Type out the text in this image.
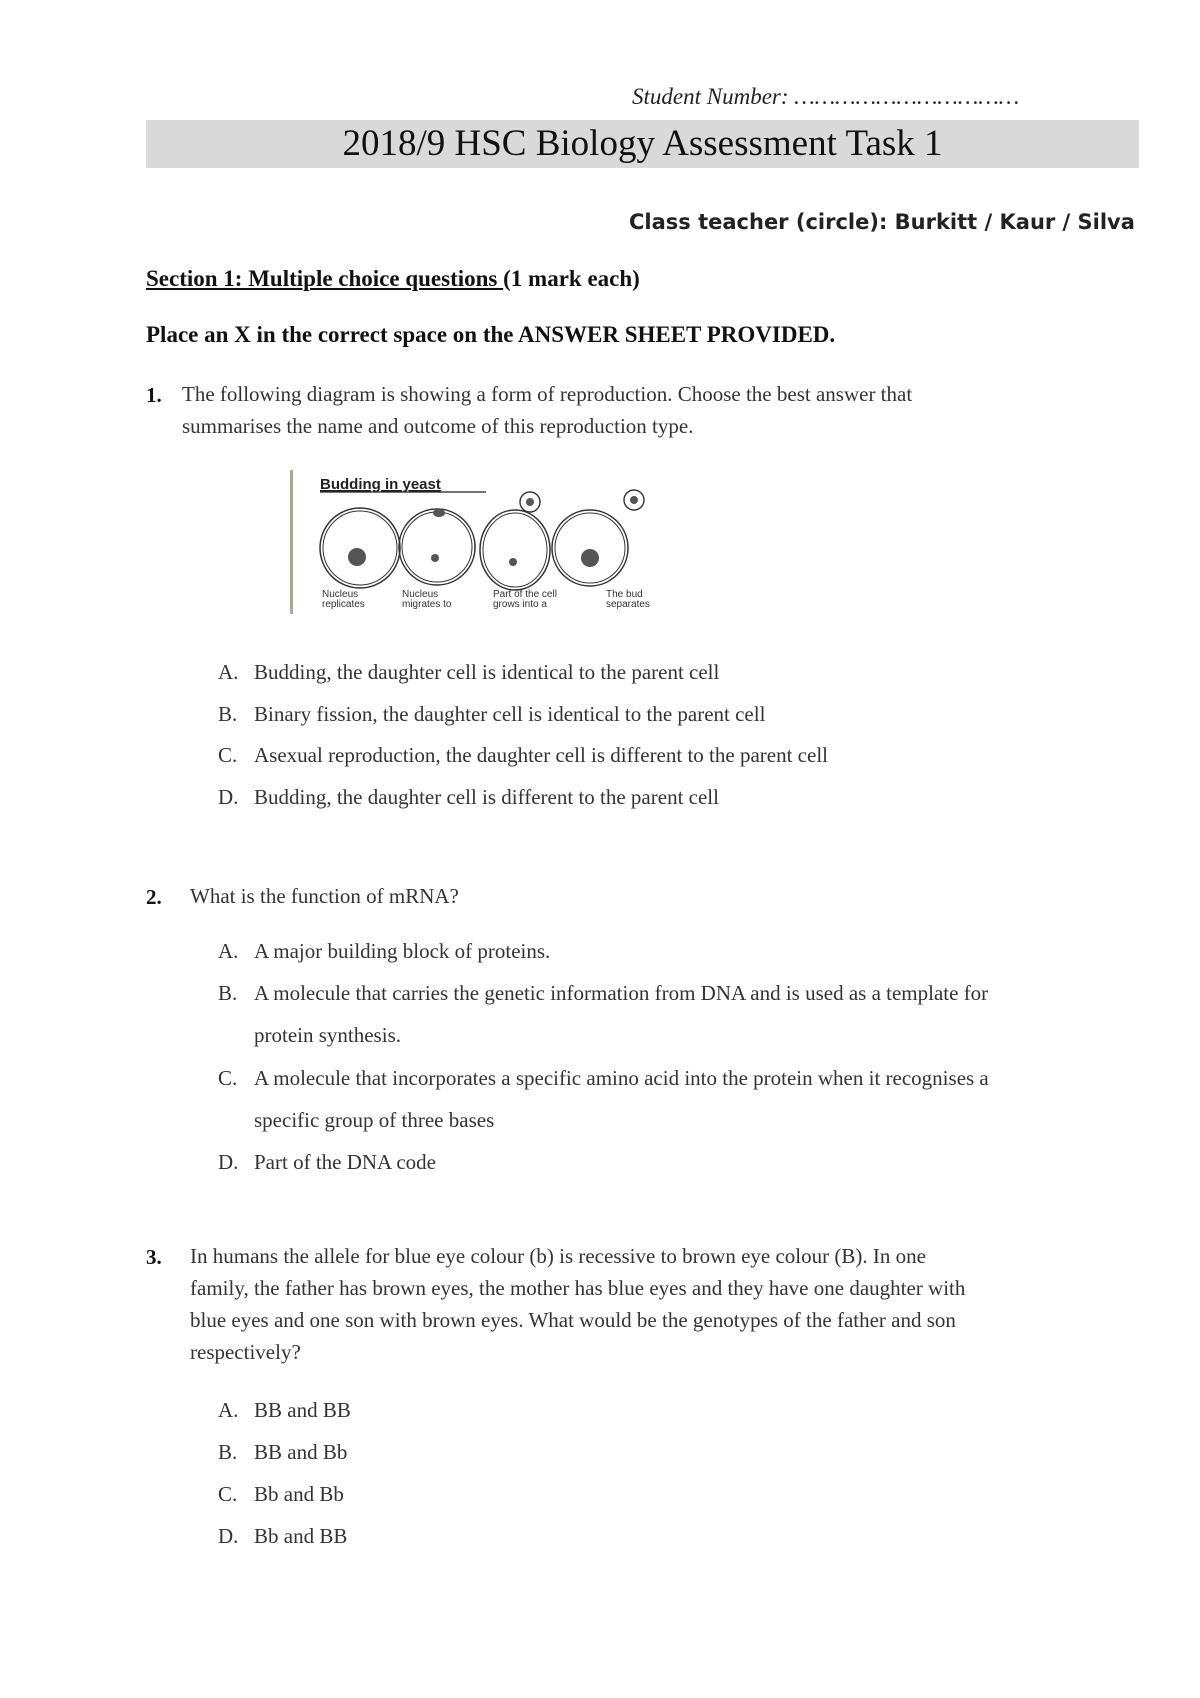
Student Number: ……………………………
2018/9 HSC Biology Assessment Task 1
Class teacher (circle): Burkitt / Kaur / Silva
Section 1: Multiple choice questions (1 mark each)
Place an X in the correct space on the ANSWER SHEET PROVIDED.
1. The following diagram is showing a form of reproduction. Choose the best answer that
summarises the name and outcome of this reproduction type.
Budding in yeast
Nucleus
replicates
Nucleus
migrates to
Part of the cell
grows into a
The bud
separates
A. Budding, the daughter cell is identical to the parent cell
B. Binary fission, the daughter cell is identical to the parent cell
C. Asexual reproduction, the daughter cell is different to the parent cell
D. Budding, the daughter cell is different to the parent cell
2. What is the function of mRNA?
A. A major building block of proteins.
B. A molecule that carries the genetic information from DNA and is used as a template for
protein synthesis.
C. A molecule that incorporates a specific amino acid into the protein when it recognises a
specific group of three bases
D. Part of the DNA code
3. In humans the allele for blue eye colour (b) is recessive to brown eye colour (B). In one
family, the father has brown eyes, the mother has blue eyes and they have one daughter with
blue eyes and one son with brown eyes. What would be the genotypes of the father and son
respectively?
A. BB and BB
B. BB and Bb
C. Bb and Bb
D. Bb and BB
